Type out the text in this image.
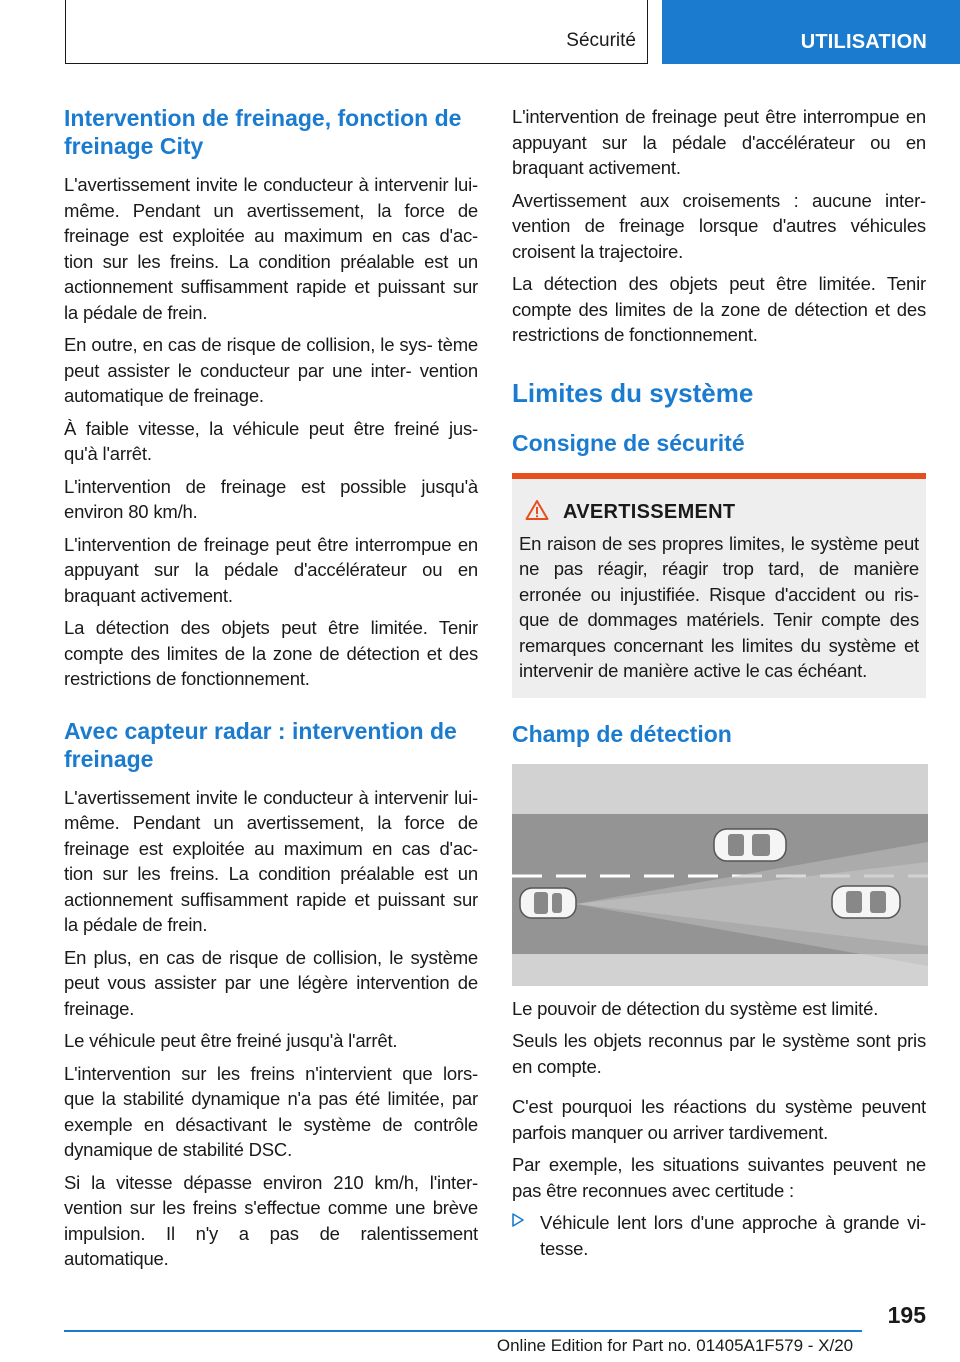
Sécurité	UTILISATION
Intervention de freinage, fonction de freinage City

L'avertissement invite le conducteur à intervenir lui-même. Pendant un avertissement, la force de freinage est exploitée au maximum en cas d'ac- tion sur les freins. La condition préalable est un actionnement suffisamment rapide et puissant sur la pédale de frein.

En outre, en cas de risque de collision, le sys- tème peut assister le conducteur par une inter- vention automatique de freinage.

À faible vitesse, la véhicule peut être freiné jus- qu'à l'arrêt.

L'intervention de freinage est possible jusqu'à environ 80 km/h.

L'intervention de freinage peut être interrompue en appuyant sur la pédale d'accélérateur ou en braquant activement.

La détection des objets peut être limitée. Tenir compte des limites de la zone de détection et des restrictions de fonctionnement.

Avec capteur radar : intervention de freinage

L'avertissement invite le conducteur à intervenir lui-même. Pendant un avertissement, la force de freinage est exploitée au maximum en cas d'ac- tion sur les freins. La condition préalable est un actionnement suffisamment rapide et puissant sur la pédale de frein.

En plus, en cas de risque de collision, le système peut vous assister par une légère intervention de freinage.

Le véhicule peut être freiné jusqu'à l'arrêt.

L'intervention sur les freins n'intervient que lors- que la stabilité dynamique n'a pas été limitée, par exemple en désactivant le système de contrôle dynamique de stabilité DSC.

Si la vitesse dépasse environ 210 km/h, l'inter- vention sur les freins s'effectue comme une brève impulsion. Il n'y a pas de ralentissement automatique.

L'intervention de freinage peut être interrompue en appuyant sur la pédale d'accélérateur ou en braquant activement.

Avertissement aux croisements : aucune inter- vention de freinage lorsque d'autres véhicules croisent la trajectoire.

La détection des objets peut être limitée. Tenir compte des limites de la zone de détection et des restrictions de fonctionnement.

Limites du système
Consigne de sécurité
AVERTISSEMENT

En raison de ses propres limites, le système peut ne pas réagir, réagir trop tard, de manière erronée ou injustifiée. Risque d'accident ou ris- que de dommages matériels. Tenir compte des remarques concernant les limites du système et intervenir de manière active le cas échéant.

Champ de détection

Le pouvoir de détection du système est limité.

Seuls les objets reconnus par le système sont pris en compte.

C'est pourquoi les réactions du système peuvent parfois manquer ou arriver tardivement.

Par exemple, les situations suivantes peuvent ne pas être reconnues avec certitude :

Véhicule lent lors d'une approche à grande vi- tesse.

195
Online Edition for Part no. 01405A1F579 - X/20
